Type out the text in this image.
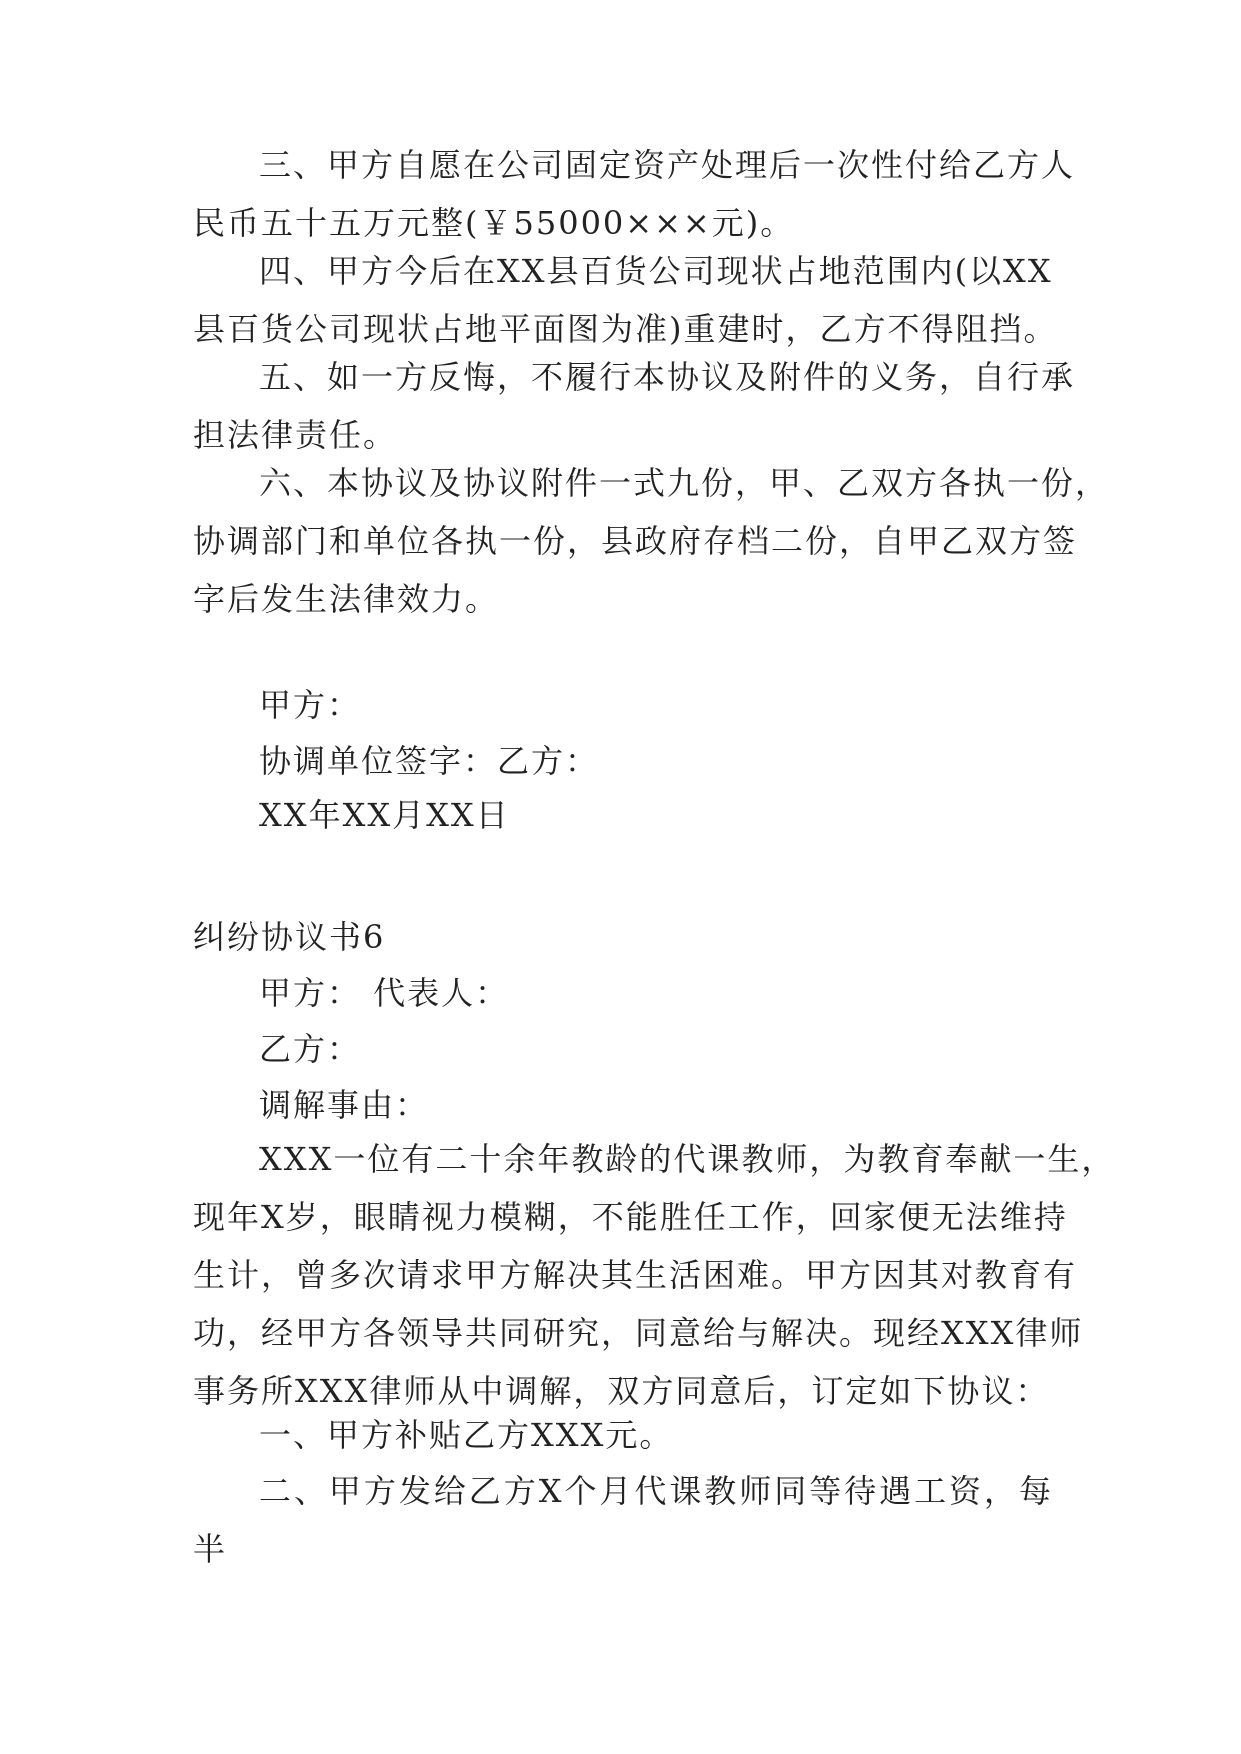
三、甲方自愿在公司固定资产处理后一次性付给乙方人
民币五十五万元整(￥55000×××元)。

四、甲方今后在XX县百货公司现状占地范围内(以XX
县百货公司现状占地平面图为准)重建时，乙方不得阻挡。

五、如一方反悔，不履行本协议及附件的义务，自行承
担法律责任。

六、本协议及协议附件一式九份，甲、乙双方各执一份，
协调部门和单位各执一份，县政府存档二份，自甲乙双方签
字后发生法律效力。

甲方：

协调单位签字：乙方：

XX年XX月XX日

纠纷协议书6

甲方： 代表人：

乙方：

调解事由：

XXX一位有二十余年教龄的代课教师，为教育奉献一生，
现年X岁，眼睛视力模糊，不能胜任工作，回家便无法维持
生计，曾多次请求甲方解决其生活困难。甲方因其对教育有
功，经甲方各领导共同研究，同意给与解决。现经XXX律师
事务所XXX律师从中调解，双方同意后，订定如下协议：

一、甲方补贴乙方XXX元。

二、甲方发给乙方X个月代课教师同等待遇工资，每半
